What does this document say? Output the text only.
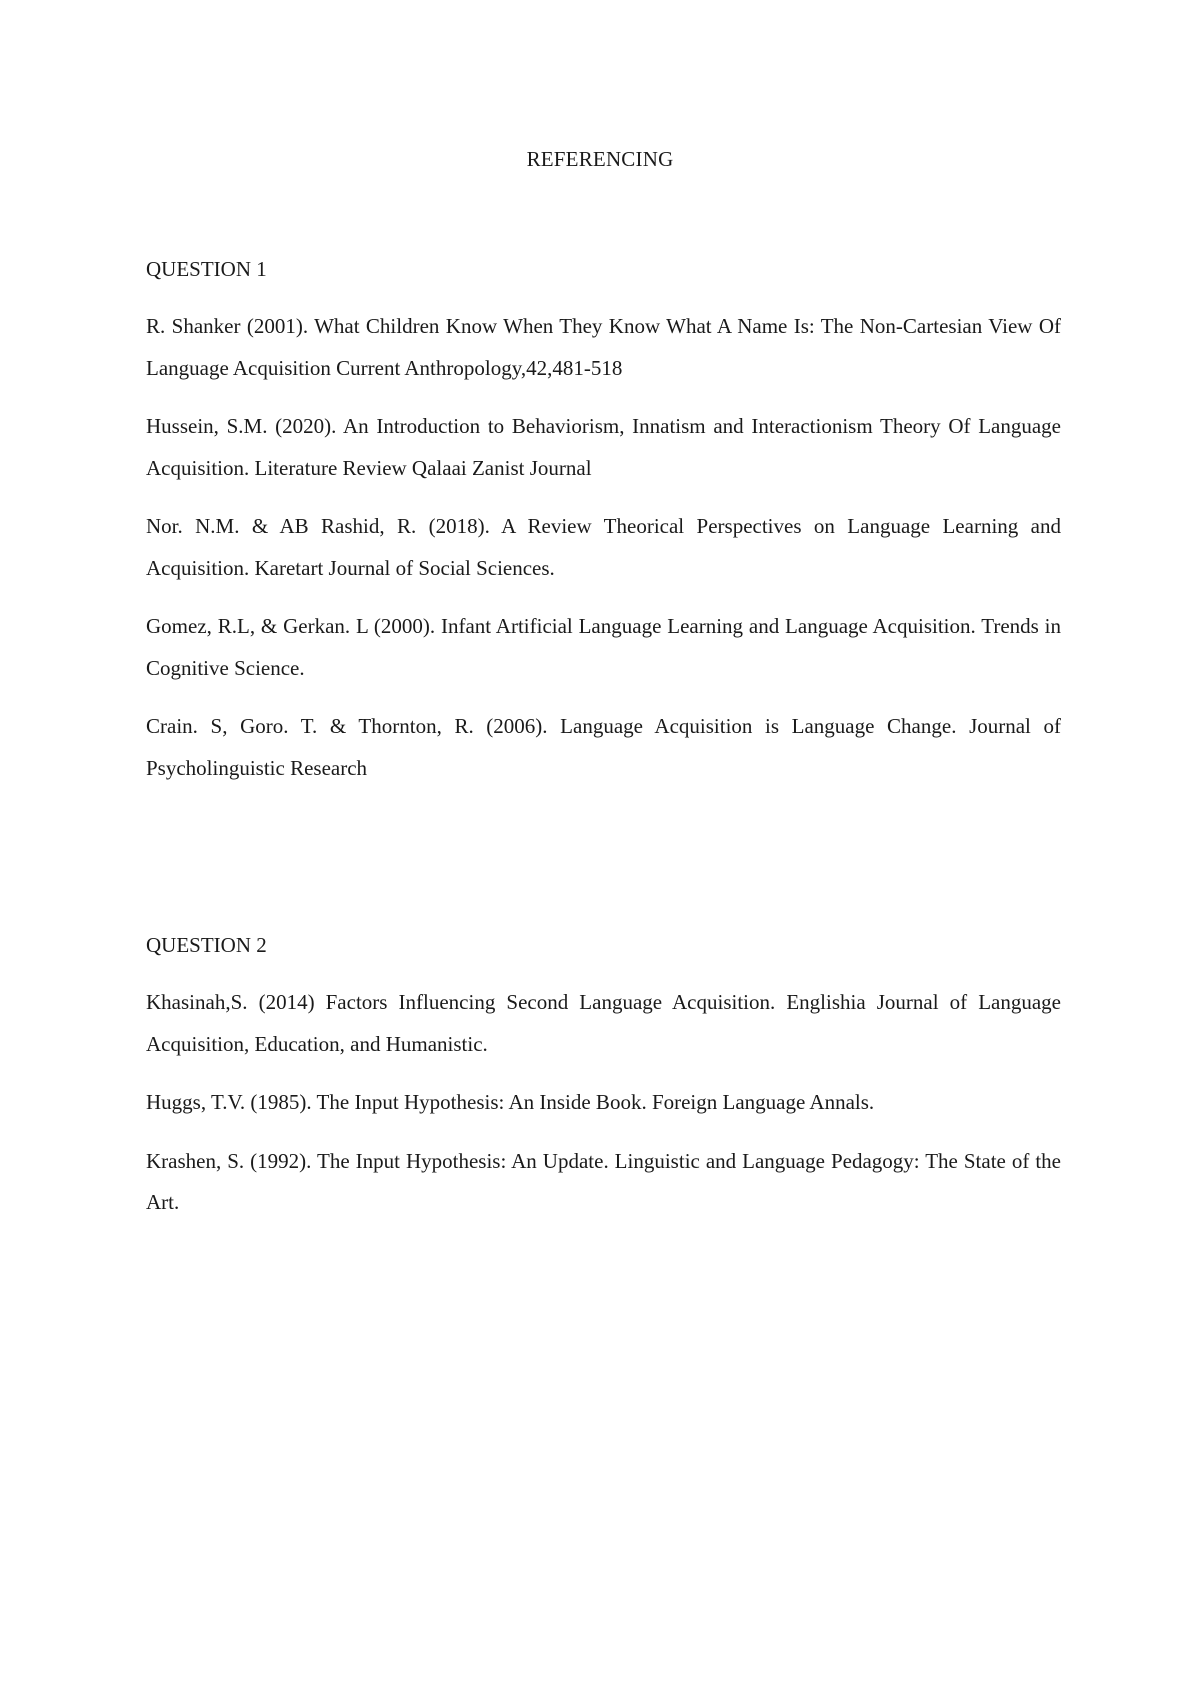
REFERENCING
QUESTION 1

R. Shanker (2001). What Children Know When They Know What A Name Is: The Non-Cartesian View Of Language Acquisition Current Anthropology,42,481-518

Hussein, S.M. (2020). An Introduction to Behaviorism, Innatism and Interactionism Theory Of Language Acquisition. Literature Review Qalaai Zanist Journal

Nor. N.M. & AB Rashid, R. (2018). A Review Theorical Perspectives on Language Learning and Acquisition. Karetart Journal of Social Sciences.

Gomez, R.L, & Gerkan. L (2000). Infant Artificial Language Learning and Language Acquisition. Trends in Cognitive Science.

Crain. S, Goro. T. & Thornton, R. (2006). Language Acquisition is Language Change. Journal of Psycholinguistic Research

QUESTION 2

Khasinah,S. (2014) Factors Influencing Second Language Acquisition. Englishia Journal of Language Acquisition, Education, and Humanistic.

Huggs, T.V. (1985). The Input Hypothesis: An Inside Book. Foreign Language Annals.

Krashen, S. (1992). The Input Hypothesis: An Update. Linguistic and Language Pedagogy: The State of the Art.
